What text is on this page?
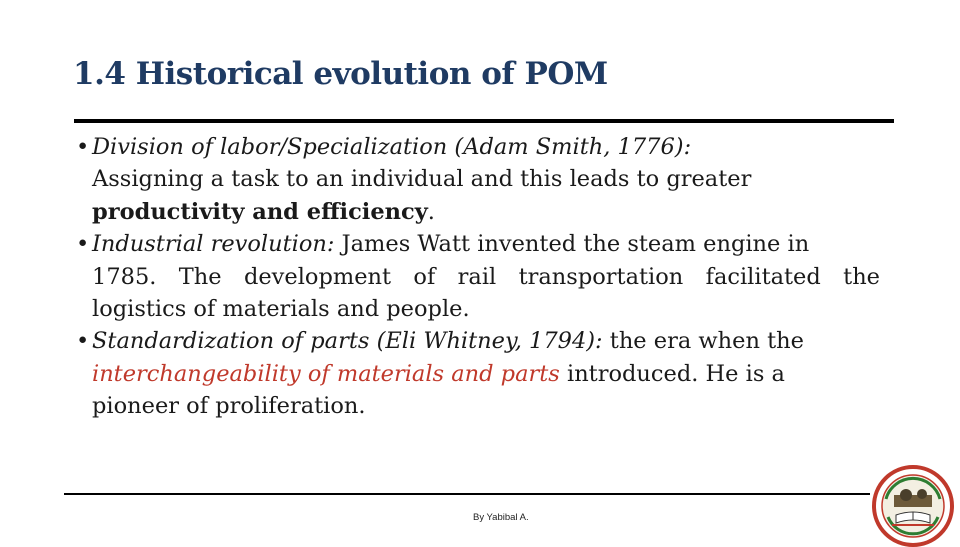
1.4 Historical evolution of POM
• Division of labor/Specialization (Adam Smith, 1776):
Assigning a task to an individual and this leads to greater
productivity and efficiency.
• Industrial revolution: James Watt invented the steam engine in
1785. The development of rail transportation facilitated the
logistics of materials and people.
• Standardization of parts (Eli Whitney, 1794): the era when the
interchangeability of materials and parts introduced. He is a
pioneer of proliferation.
By Yabibal A.
